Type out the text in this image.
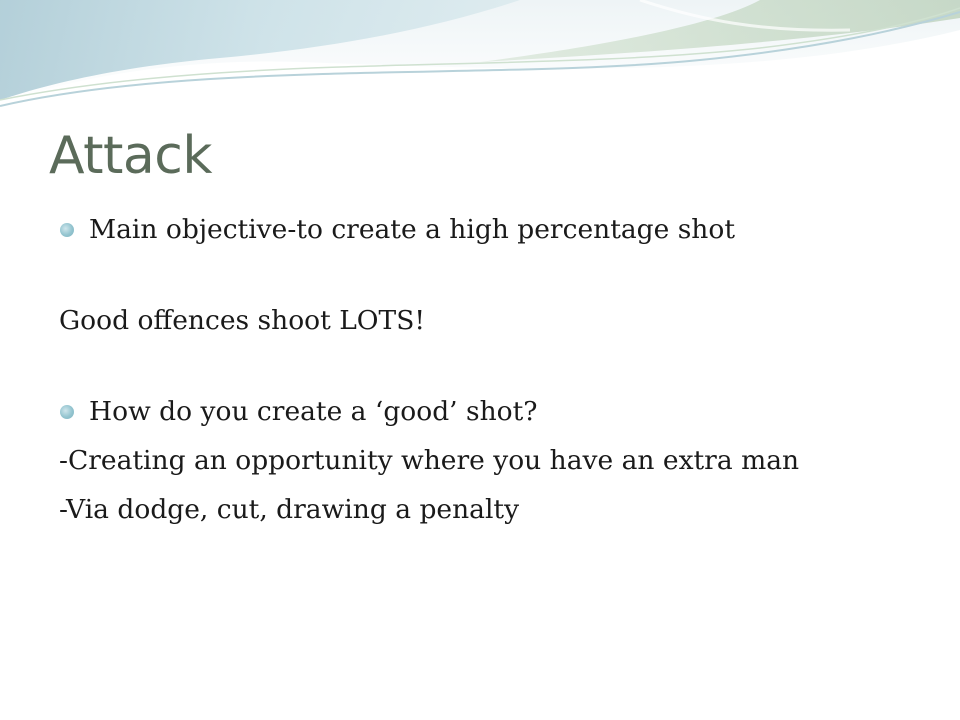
Attack
Main objective-to create a high percentage shot
Good offences shoot LOTS!
How do you create a ‘good’ shot?
-Creating an opportunity where you have an extra man
-Via dodge, cut, drawing a penalty
